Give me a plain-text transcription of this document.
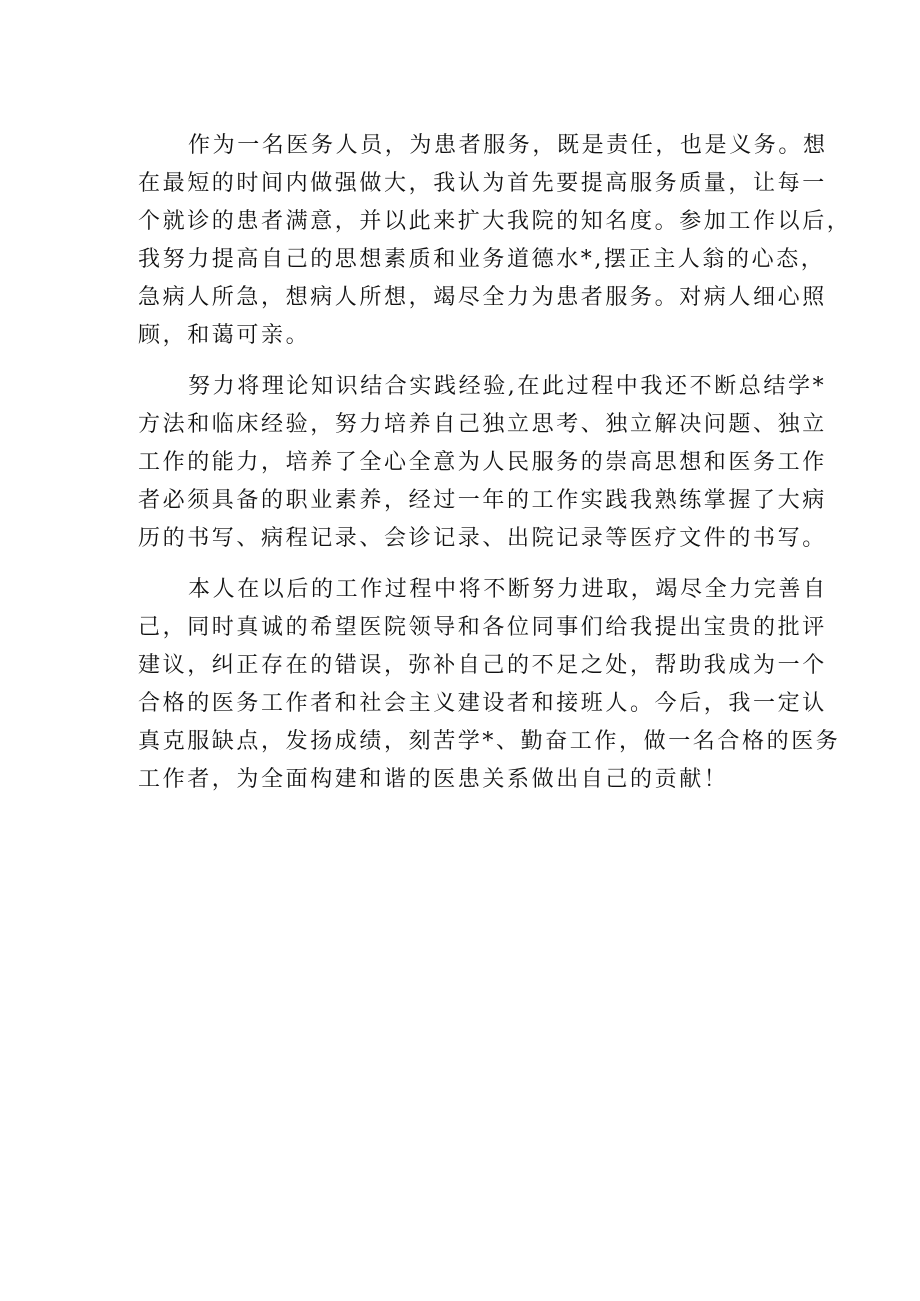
作为一名医务人员，为患者服务，既是责任，也是义务。想
在最短的时间内做强做大，我认为首先要提高服务质量，让每一
个就诊的患者满意，并以此来扩大我院的知名度。参加工作以后，
我努力提高自己的思想素质和业务道德水*,摆正主人翁的心态，
急病人所急，想病人所想，竭尽全力为患者服务。对病人细心照
顾，和蔼可亲。

努力将理论知识结合实践经验,在此过程中我还不断总结学*
方法和临床经验，努力培养自己独立思考、独立解决问题、独立
工作的能力，培养了全心全意为人民服务的崇高思想和医务工作
者必须具备的职业素养，经过一年的工作实践我熟练掌握了大病
历的书写、病程记录、会诊记录、出院记录等医疗文件的书写。

本人在以后的工作过程中将不断努力进取，竭尽全力完善自
己，同时真诚的希望医院领导和各位同事们给我提出宝贵的批评
建议，纠正存在的错误，弥补自己的不足之处，帮助我成为一个
合格的医务工作者和社会主义建设者和接班人。今后，我一定认
真克服缺点，发扬成绩，刻苦学*、勤奋工作，做一名合格的医务
工作者，为全面构建和谐的医患关系做出自己的贡献！
